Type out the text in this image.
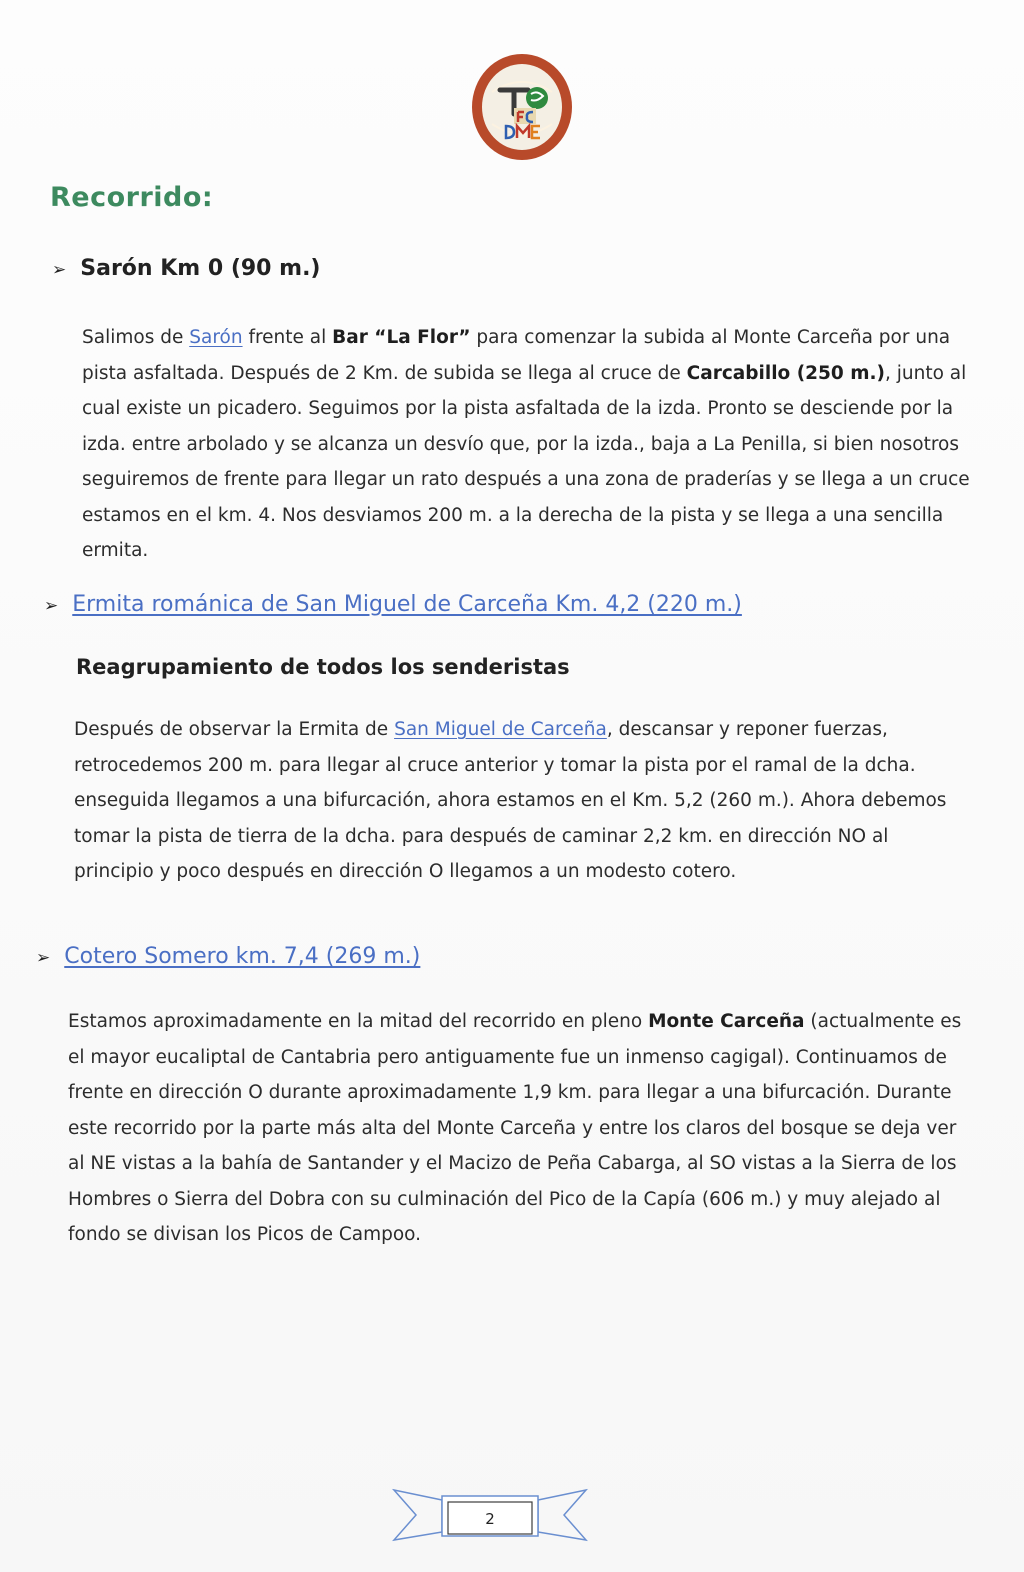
Recorrido:
➢ Sarón Km 0 (90 m.)

Salimos de Sarón frente al Bar “La Flor” para comenzar la subida al Monte Carceña por una pista asfaltada. Después de 2 Km. de subida se llega al cruce de Carcabillo (250 m.), junto al cual existe un picadero. Seguimos por la pista asfaltada de la izda. Pronto se desciende por la izda. entre arbolado y se alcanza un desvío que, por la izda., baja a La Penilla, si bien nosotros seguiremos de frente para llegar un rato después a una zona de praderías y se llega a un cruce estamos en el km. 4. Nos desviamos 200 m. a la derecha de la pista y se llega a una sencilla ermita.

➢ Ermita románica de San Miguel de Carceña Km. 4,2 (220 m.)
Reagrupamiento de todos los senderistas

Después de observar la Ermita de San Miguel de Carceña, descansar y reponer fuerzas, retrocedemos 200 m. para llegar al cruce anterior y tomar la pista por el ramal de la dcha. enseguida llegamos a una bifurcación, ahora estamos en el Km. 5,2 (260 m.). Ahora debemos tomar la pista de tierra de la dcha. para después de caminar 2,2 km. en dirección NO al principio y poco después en dirección O llegamos a un modesto cotero.

➢ Cotero Somero km. 7,4 (269 m.)

Estamos aproximadamente en la mitad del recorrido en pleno Monte Carceña (actualmente es el mayor eucaliptal de Cantabria pero antiguamente fue un inmenso cagigal). Continuamos de frente en dirección O durante aproximadamente 1,9 km. para llegar a una bifurcación. Durante este recorrido por la parte más alta del Monte Carceña y entre los claros del bosque se deja ver al NE vistas a la bahía de Santander y el Macizo de Peña Cabarga, al SO vistas a la Sierra de los Hombres o Sierra del Dobra con su culminación del Pico de la Capía (606 m.) y muy alejado al fondo se divisan los Picos de Campoo.

2
